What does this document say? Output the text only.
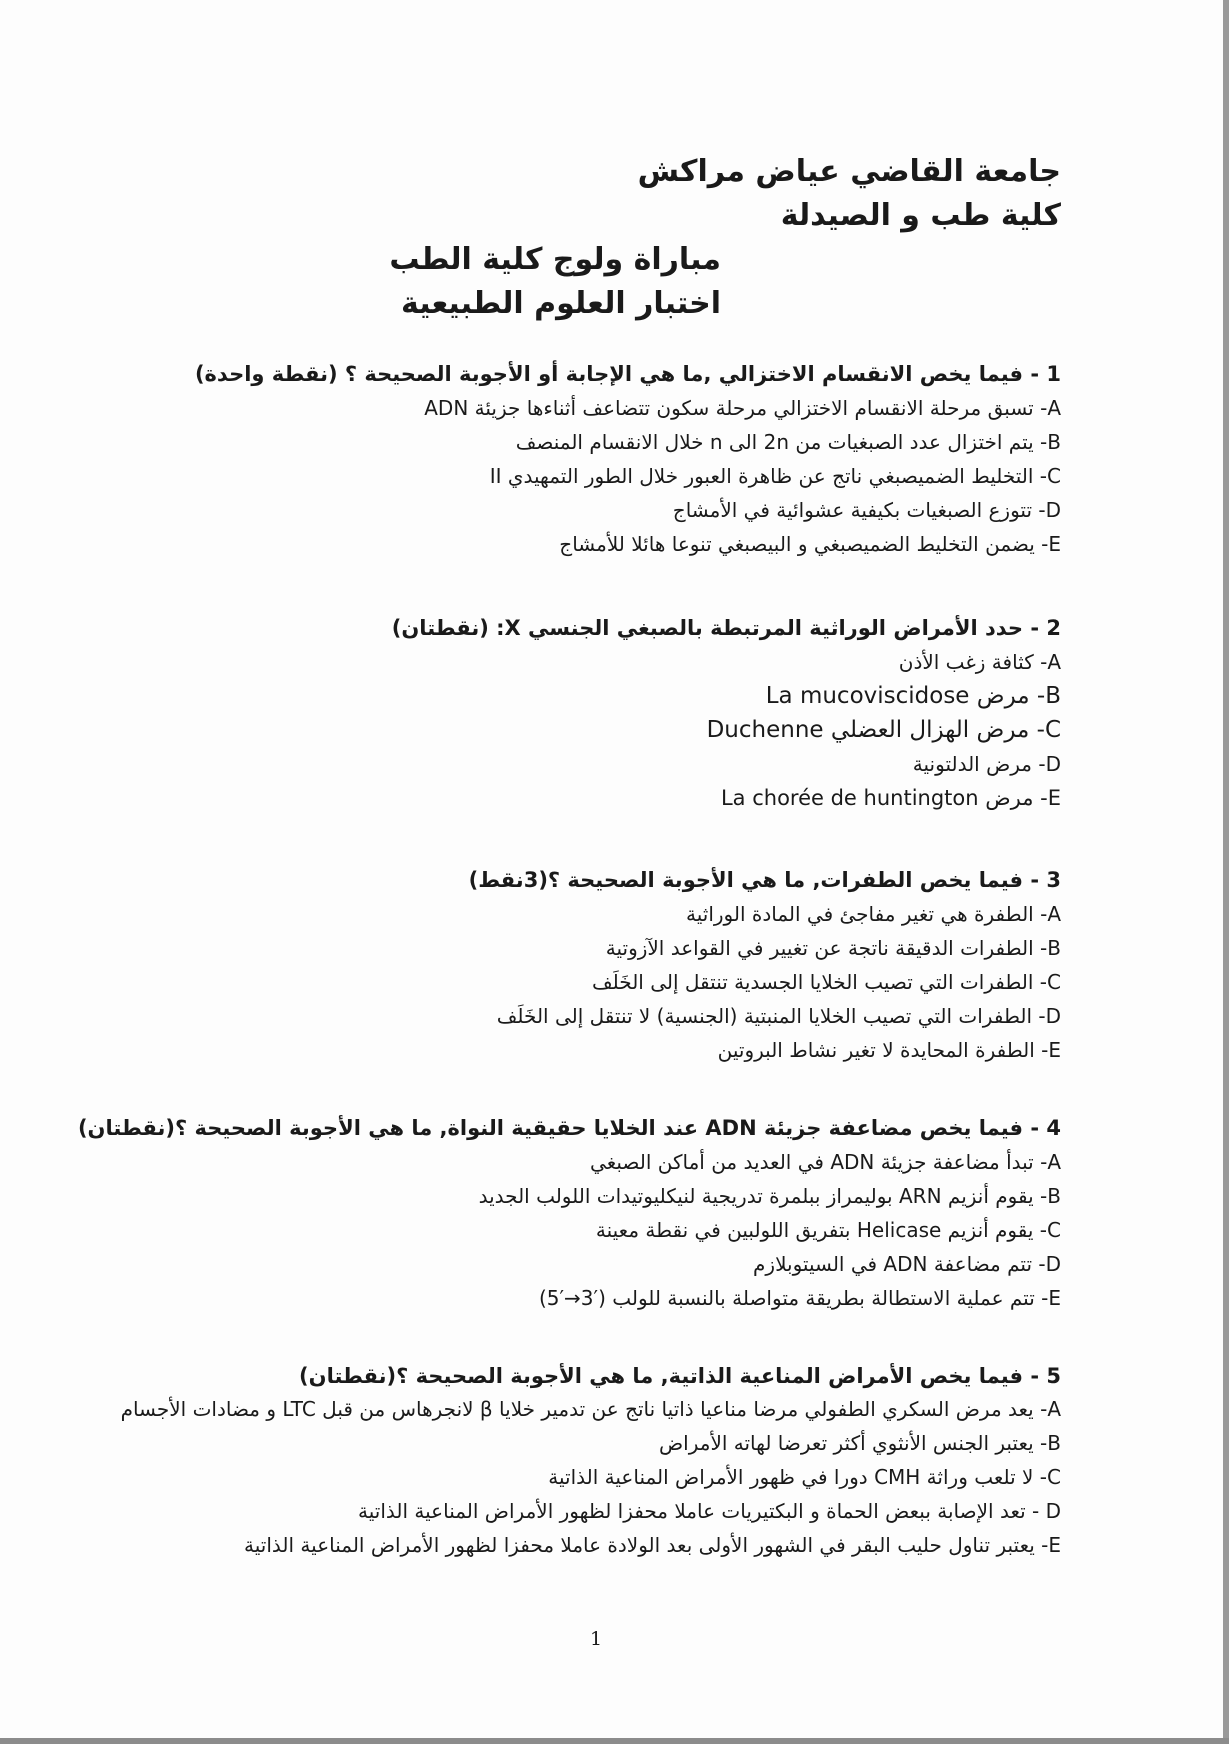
جامعة القاضي عياض مراكش
كلية طب و الصيدلة
مباراة ولوج كلية الطب
اختبار العلوم الطبيعية
1 - فيما يخص الانقسام الاختزالي ,ما هي الإجابة أو الأجوبة الصحيحة ؟ (نقطة واحدة)
A- تسبق مرحلة الانقسام الاختزالي مرحلة سكون تتضاعف أثناءها جزيئة ADN
B- يتم اختزال عدد الصبغيات من 2n الى n خلال الانقسام المنصف
C- التخليط الضميصبغي ناتج عن ظاهرة العبور خلال الطور التمهيدي II
D- تتوزع الصبغيات بكيفية عشوائية في الأمشاج
E- يضمن التخليط الضميصبغي و البيصبغي تنوعا هائلا للأمشاج
2 - حدد الأمراض الوراثية المرتبطة بالصبغي الجنسي X: (نقطتان)
A- كثافة زغب الأذن
B- مرض La mucoviscidose
C- مرض الهزال العضلي Duchenne
D- مرض الدلتونية
E- مرض La chorée de huntington
3 - فيما يخص الطفرات, ما هي الأجوبة الصحيحة ؟(3نقط)
A- الطفرة هي تغير مفاجئ في المادة الوراثية
B- الطفرات الدقيقة ناتجة عن تغيير في القواعد الآزوتية
C- الطفرات التي تصيب الخلايا الجسدية تنتقل إلى الخَلَف
D- الطفرات التي تصيب الخلايا المنبتية (الجنسية) لا تنتقل إلى الخَلَف
E- الطفرة المحايدة لا تغير نشاط البروتين
4 - فيما يخص مضاعفة جزيئة ADN عند الخلايا حقيقية النواة, ما هي الأجوبة الصحيحة ؟(نقطتان)
A- تبدأ مضاعفة جزيئة ADN في العديد من أماكن الصبغي
B- يقوم أنزيم ARN بوليمراز ببلمرة تدريجية لنيكليوتيدات اللولب الجديد
C- يقوم أنزيم Helicase بتفريق اللولبين في نقطة معينة
D- تتم مضاعفة ADN في السيتوبلازم
E- تتم عملية الاستطالة بطريقة متواصلة بالنسبة للولب (‎5′→3′‎)
5 - فيما يخص الأمراض المناعية الذاتية, ما هي الأجوبة الصحيحة ؟(نقطتان)
A- يعد مرض السكري الطفولي مرضا مناعيا ذاتيا ناتج عن تدمير خلايا β لانجرهاس من قبل LTC و مضادات الأجسام
B- يعتبر الجنس الأنثوي أكثر تعرضا لهاته الأمراض
C- لا تلعب وراثة CMH دورا في ظهور الأمراض المناعية الذاتية
D - تعد الإصابة ببعض الحماة و البكتيريات عاملا محفزا لظهور الأمراض المناعية الذاتية
E- يعتبر تناول حليب البقر في الشهور الأولى بعد الولادة عاملا محفزا لظهور الأمراض المناعية الذاتية
1
